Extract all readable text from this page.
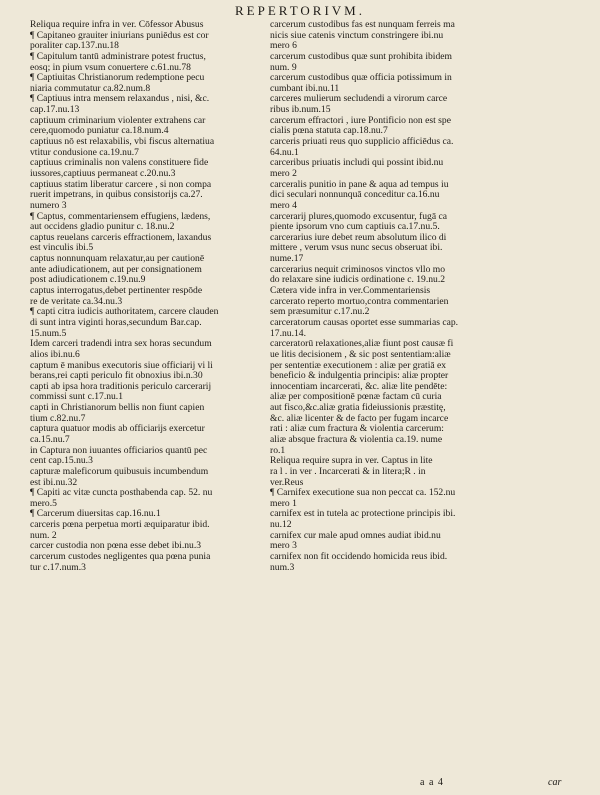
REPERTORIVM.
Reliqua require infra in ver. Cōfessor Abusus
¶ Capitaneo grauiter iniurians puniēdus est cor
poraliter cap.137.nu.18
¶ Capitulum tantū administrare potest fructus,
eosq; in pium vsum conuertere c.61.nu.78
¶ Captiuitas Christianorum redemptione pecu
niaria commutatur ca.82.num.8
¶ Captiuus intra mensem relaxandus , nisi, &c.
cap.17.nu.13
captiuum criminarium violenter extrahens car
cere,quomodo puniatur ca.18.num.4
captiuus nō est relaxabilis, vbi fiscus alternatiua
vtitur condusione ca.19.nu.7
captiuus criminalis non valens constituere fide
iussores,captiuus permaneat c.20.nu.3
captiuus statim liberatur carcere , si non compa
ruerit impetrans, in quibus consistorijs ca.27.
numero 3
¶ Captus, commentariensem effugiens, lædens,
aut occidens gladio punitur c. 18.nu.2
captus reuelans carceris effractionem, laxandus
est vinculis ibi.5
captus nonnunquam relaxatur,au per cautionē
ante adiudicationem, aut per consignationem
post adiudicationem c.19.nu.9
captus interrogatus,debet pertinenter respōde
re de veritate ca.34.nu.3
¶ capti citra iudicis authoritatem, carcere clauden
di sunt intra viginti horas,secundum Bar.cap.
15.num.5
Idem carceri tradendi intra sex horas secundum
alios ibi.nu.6
captum ē manibus executoris siue officiarij vi li
berans,rei capti periculo fit obnoxius ibi.n.30
capti ab ipsa hora traditionis periculo carcerarij
commissi sunt c.17.nu.1
capti in Christianorum bellis non fiunt capien
tium c.82.nu.7
captura quatuor modis ab officiarijs exercetur
ca.15.nu.7
in Captura non iuuantes officiarios quantū pec
cent cap.15.nu.3
capturæ maleficorum quibusuis incumbendum
est ibi.nu.32
¶ Capiti ac vitæ cuncta posthabenda cap. 52. nu
mero.5
¶ Carcerum diuersitas cap.16.nu.1
carceris pœna perpetua morti æquiparatur ibid.
num. 2
carcer custodia non pœna esse debet ibi.nu.3
carcerum custodes negligentes qua pœna punia
tur c.17.num.3
carcerum custodibus fas est nunquam ferreis ma
nicis siue catenis vinctum constringere ibi.nu
mero 6
carcerum custodibus quæ sunt prohibita ibidem
num. 9
carcerum custodibus quæ officia potissimum in
cumbant ibi.nu.11
carceres mulierum secludendi a virorum carce
ribus ib.num.15
carcerum effractori , iure Pontificio non est spe
cialis pœna statuta cap.18.nu.7
carceris priuati reus quo supplicio afficiēdus ca.
64.nu.1
carceribus priuatis includi qui possint ibid.nu
mero 2
carceralis punitio in pane & aqua ad tempus iu
dici seculari nonnunquā conceditur ca.16.nu
mero 4
carcerarij plures,quomodo excusentur, fugā ca
piente ipsorum vno cum captiuis ca.17.nu.5.
carcerarius iure debet reum absolutum ilico di
mittere , verum vsus nunc secus obseruat ibi.
nume.17
carcerarius nequit criminosos vinctos vllo mo
do relaxare sine iudicis ordinatione c. 19.nu.2
Cætera vide infra in ver.Commentariensis
carcerato reperto mortuo,contra commentarien
sem præsumitur c.17.nu.2
carceratorum causas oportet esse summarias cap.
17.nu.14.
carceratorū relaxationes,aliæ fiunt post causæ fi
ue litis decisionem , & sic post sententiam:aliæ
per sententiæ executionem : aliæ per gratiā ex
beneficio & indulgentia principis: aliæ propter
innocentiam incarcerati, &c. aliæ lite pendēte:
aliæ per compositionē pœnæ factam cū curia
aut fisco,&c.aliæ gratia fideiussionis præstitę,
&c. aliæ licenter & de facto per fugam incarce
rati : aliæ cum fractura & violentia carcerum:
aliæ absque fractura & violentia ca.19. nume
ro.1
Reliqua require supra in ver. Captus in lite
ra l . in ver . Incarcerati & in litera;R . in
ver.Reus
¶ Carnifex executione sua non peccat ca. 152.nu
mero 1
carnifex est in tutela ac protectione principis ibi.
nu.12
carnifex cur male apud omnes audiat ibid.nu
mero 3
carnifex non fit occidendo homicida reus ibid.
num.3
a a 4	car
